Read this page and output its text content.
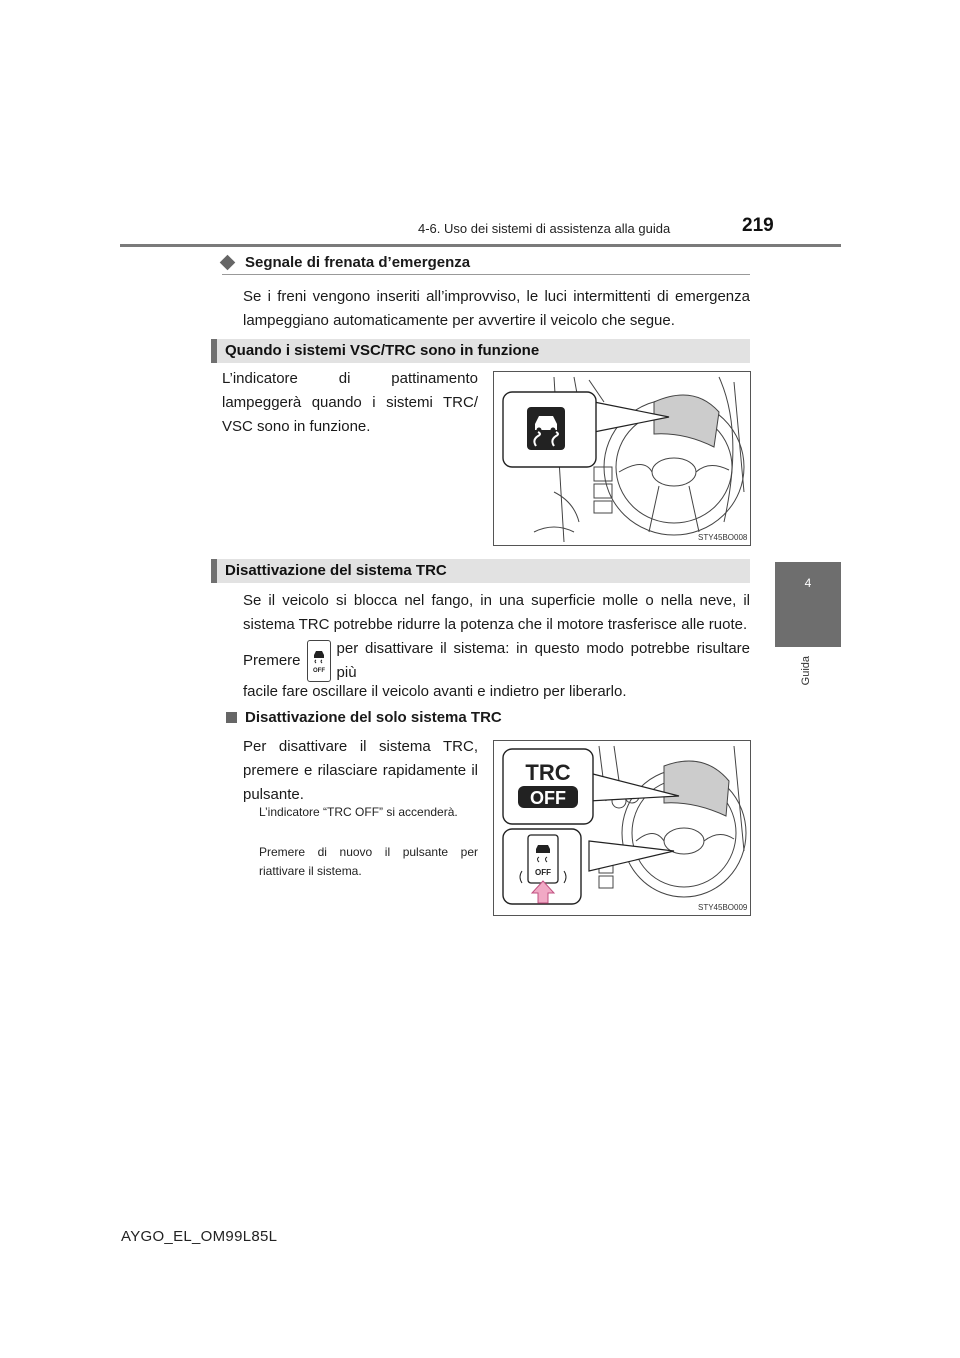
4-6. Uso dei sistemi di assistenza alla guida	219
4
Guida
Segnale di frenata d’emergenza
Se i freni vengono inseriti all’improvviso, le luci intermittenti di emergenza lampeggiano automaticamente per avvertire il veicolo che segue.
Quando i sistemi VSC/TRC sono in funzione
L’indicatore di pattinamento lampeggerà quando i sistemi TRC/ VSC sono in funzione.
STY45BO008
Disattivazione del sistema TRC
Se il veicolo si blocca nel fango, in una superficie molle o nella neve, il sistema TRC potrebbe ridurre la potenza che il motore trasferisce alle ruote.
Premere
OFF
per disattivare il sistema: in questo modo potrebbe risultare più
facile fare oscillare il veicolo avanti e indietro per liberarlo.
Disattivazione del solo sistema TRC
Per disattivare il sistema TRC, premere e rilasciare rapidamente il pulsante.
L’indicatore “TRC OFF” si accenderà.
Premere di nuovo il pulsante per riattivare il sistema.
TRC
OFF
OFF
STY45BO009
AYGO_EL_OM99L85L
